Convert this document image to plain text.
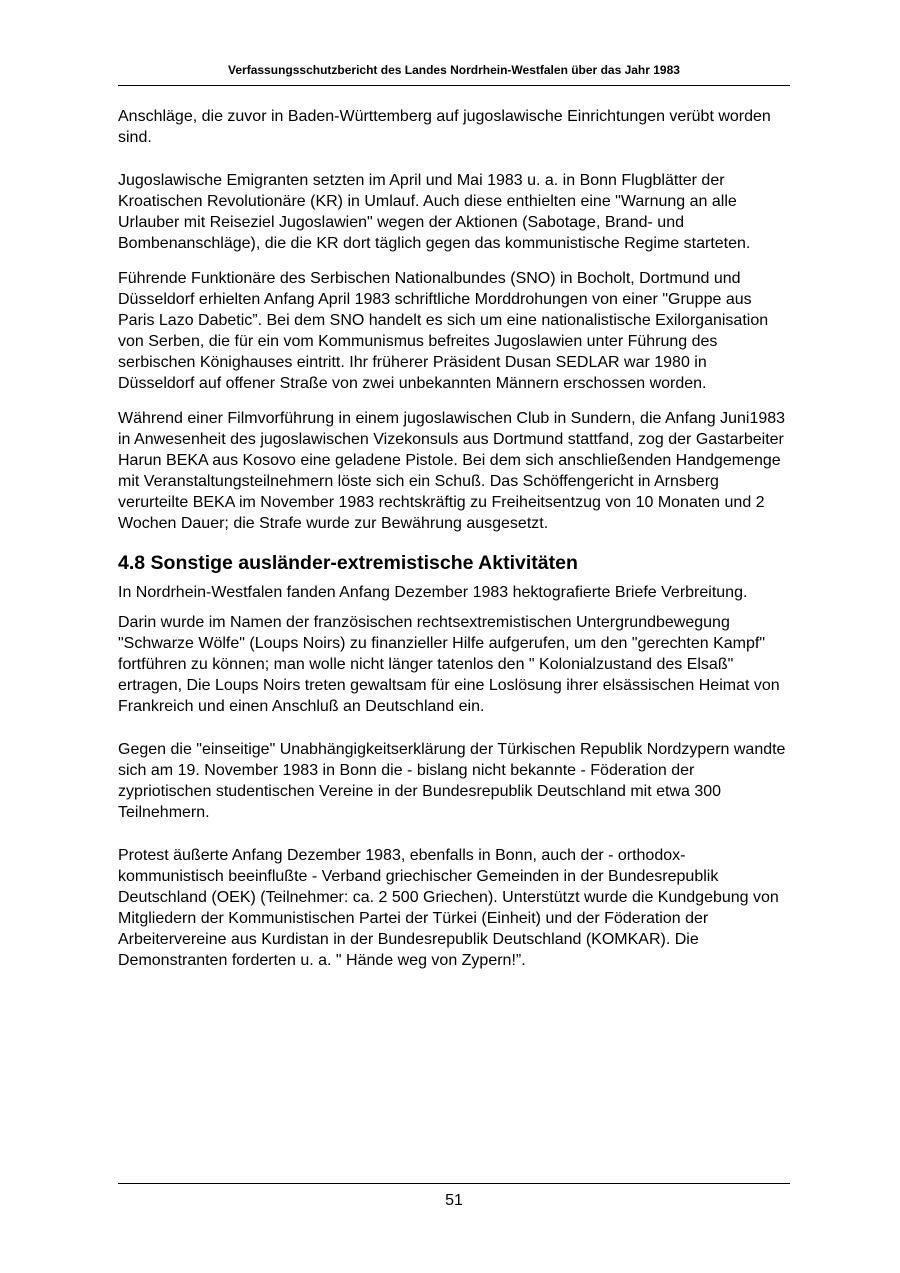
Verfassungsschutzbericht des Landes Nordrhein-Westfalen über das Jahr 1983

Anschläge, die zuvor in Baden-Württemberg auf jugoslawische Einrichtungen verübt worden sind.

Jugoslawische Emigranten setzten im April und Mai 1983 u. a. in Bonn Flugblätter der Kroatischen Revolutionäre (KR) in Umlauf. Auch diese enthielten eine "Warnung an alle Urlauber mit Reiseziel Jugoslawien" wegen der Aktionen (Sabotage, Brand- und Bombenanschläge), die die KR dort täglich gegen das kommunistische Regime starteten.

Führende Funktionäre des Serbischen Nationalbundes (SNO) in Bocholt, Dortmund und Düsseldorf erhielten Anfang April 1983 schriftliche Morddrohungen von einer "Gruppe aus Paris Lazo Dabetic”. Bei dem SNO handelt es sich um eine nationalistische Exilorganisation von Serben, die für ein vom Kommunismus befreites Jugoslawien unter Führung des serbischen Könighauses eintritt. Ihr früherer Präsident Dusan SEDLAR war 1980 in Düsseldorf auf offener Straße von zwei unbekannten Männern erschossen worden.

Während einer Filmvorführung in einem jugoslawischen Club in Sundern, die Anfang Juni1983 in Anwesenheit des jugoslawischen Vizekonsuls aus Dortmund stattfand, zog der Gastarbeiter Harun BEKA aus Kosovo eine geladene Pistole. Bei dem sich anschließenden Handgemenge mit Veranstaltungsteilnehmern löste sich ein Schuß. Das Schöffengericht in Arnsberg verurteilte BEKA im November 1983 rechtskräftig zu Freiheitsentzug von 10 Monaten und 2 Wochen Dauer; die Strafe wurde zur Bewährung ausgesetzt.

4.8 Sonstige ausländer-extremistische Aktivitäten

In Nordrhein-Westfalen fanden Anfang Dezember 1983 hektografierte Briefe Verbreitung.

Darin wurde im Namen der französischen rechtsextremistischen Untergrundbewegung "Schwarze Wölfe" (Loups Noirs) zu finanzieller Hilfe aufgerufen, um den "gerechten Kampf" fortführen zu können; man wolle nicht länger tatenlos den " Kolonialzustand des Elsaß" ertragen, Die Loups Noirs treten gewaltsam für eine Loslösung ihrer elsässischen Heimat von Frankreich und einen Anschluß an Deutschland ein.

Gegen die "einseitige" Unabhängigkeitserklärung der Türkischen Republik Nordzypern wandte sich am 19. November 1983 in Bonn die - bislang nicht bekannte - Föderation der zypriotischen studentischen Vereine in der Bundesrepublik Deutschland mit etwa 300 Teilnehmern.

Protest äußerte Anfang Dezember 1983, ebenfalls in Bonn, auch der - orthodox-kommunistisch beeinflußte - Verband griechischer Gemeinden in der Bundesrepublik Deutschland (OEK) (Teilnehmer: ca. 2 500 Griechen). Unterstützt wurde die Kundgebung von Mitgliedern der Kommunistischen Partei der Türkei (Einheit) und der Föderation der Arbeitervereine aus Kurdistan in der Bundesrepublik Deutschland (KOMKAR). Die Demonstranten forderten u. a. " Hände weg von Zypern!”.

51
